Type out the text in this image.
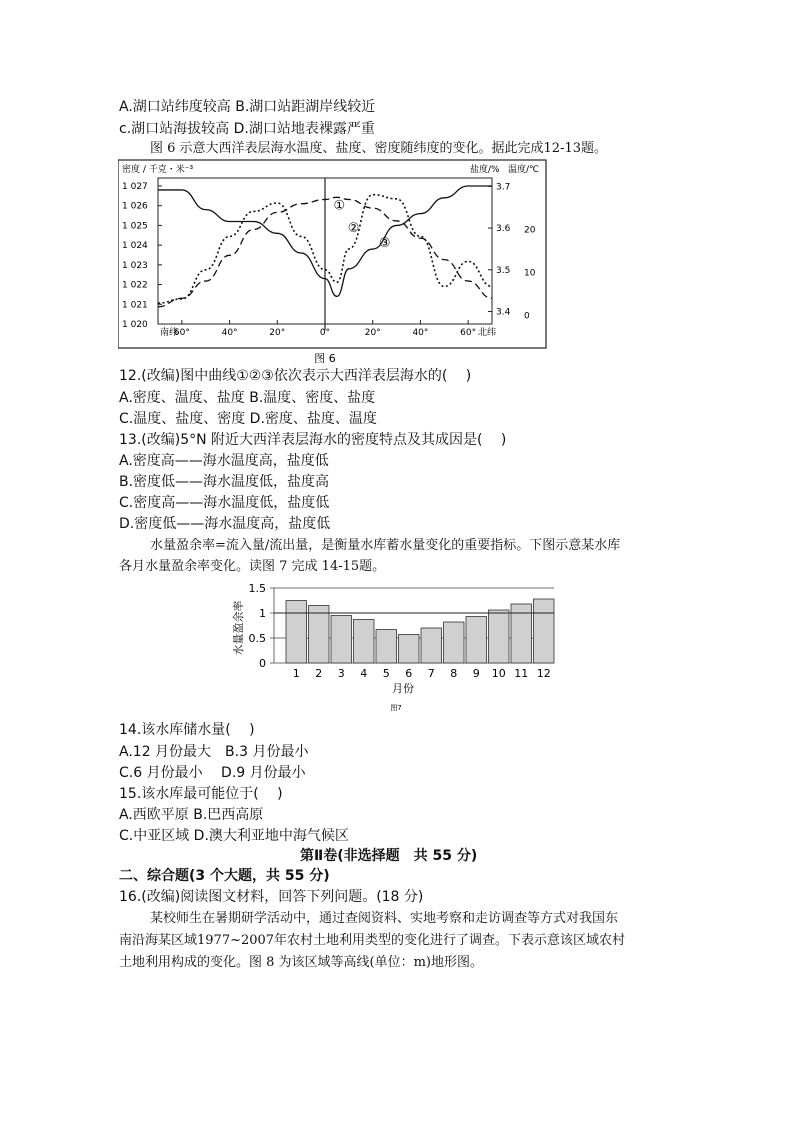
A.湖口站纬度较高 B.湖口站距湖岸线较近
c.湖口站海拔较高 D.湖口站地表裸露严重
图 6 示意大西洋表层海水温度、盐度、密度随纬度的变化。据此完成12-13题。
密度 / 千克・米⁻³	盐度/% 温度/℃
1 027
1 026
1 025
1 024
1 023
1 022
1 021
1 020
3.7
3.6
3.5
3.4
20
10
0
南纬
60°	40°	20°	0°	20°	40°	60° 北纬
①
②
③
图 6
12.(改编)图中曲线①②③依次表示大西洋表层海水的(　 )
A.密度、温度、盐度 B.温度、密度、盐度
C.温度、盐度、密度 D.密度、盐度、温度
13.(改编)5°N 附近大西洋表层海水的密度特点及其成因是(　 )
A.密度高——海水温度高，盐度低
B.密度低——海水温度低，盐度高
C.密度高——海水温度低，盐度低
D.密度低——海水温度高，盐度低
水量盈余率=流入量/流出量，是衡量水库蓄水量变化的重要指标。下图示意某水库
各月水量盈余率变化。读图 7 完成 14-15题。
水量盈余率
1.5
1
0.5
0
1 2 3 4 5 6 7 8 9 10 11 12
月份
图7
14.该水库储水量(　 )
A.12 月份最大　B.3 月份最小
C.6 月份最小　 D.9 月份最小
15.该水库最可能位于(　 )
A.西欧平原 B.巴西高原
C.中亚区域 D.澳大利亚地中海气候区
第Ⅱ卷(非选择题　共 55 分)
二、综合题(3 个大题，共 55 分)
16.(改编)阅读图文材料，回答下列问题。(18 分)
某校师生在暑期研学活动中，通过查阅资料、实地考察和走访调查等方式对我国东
南沿海某区域1977~2007年农村土地利用类型的变化进行了调查。下表示意该区域农村
土地利用构成的变化。图 8 为该区域等高线(单位：m)地形图。
